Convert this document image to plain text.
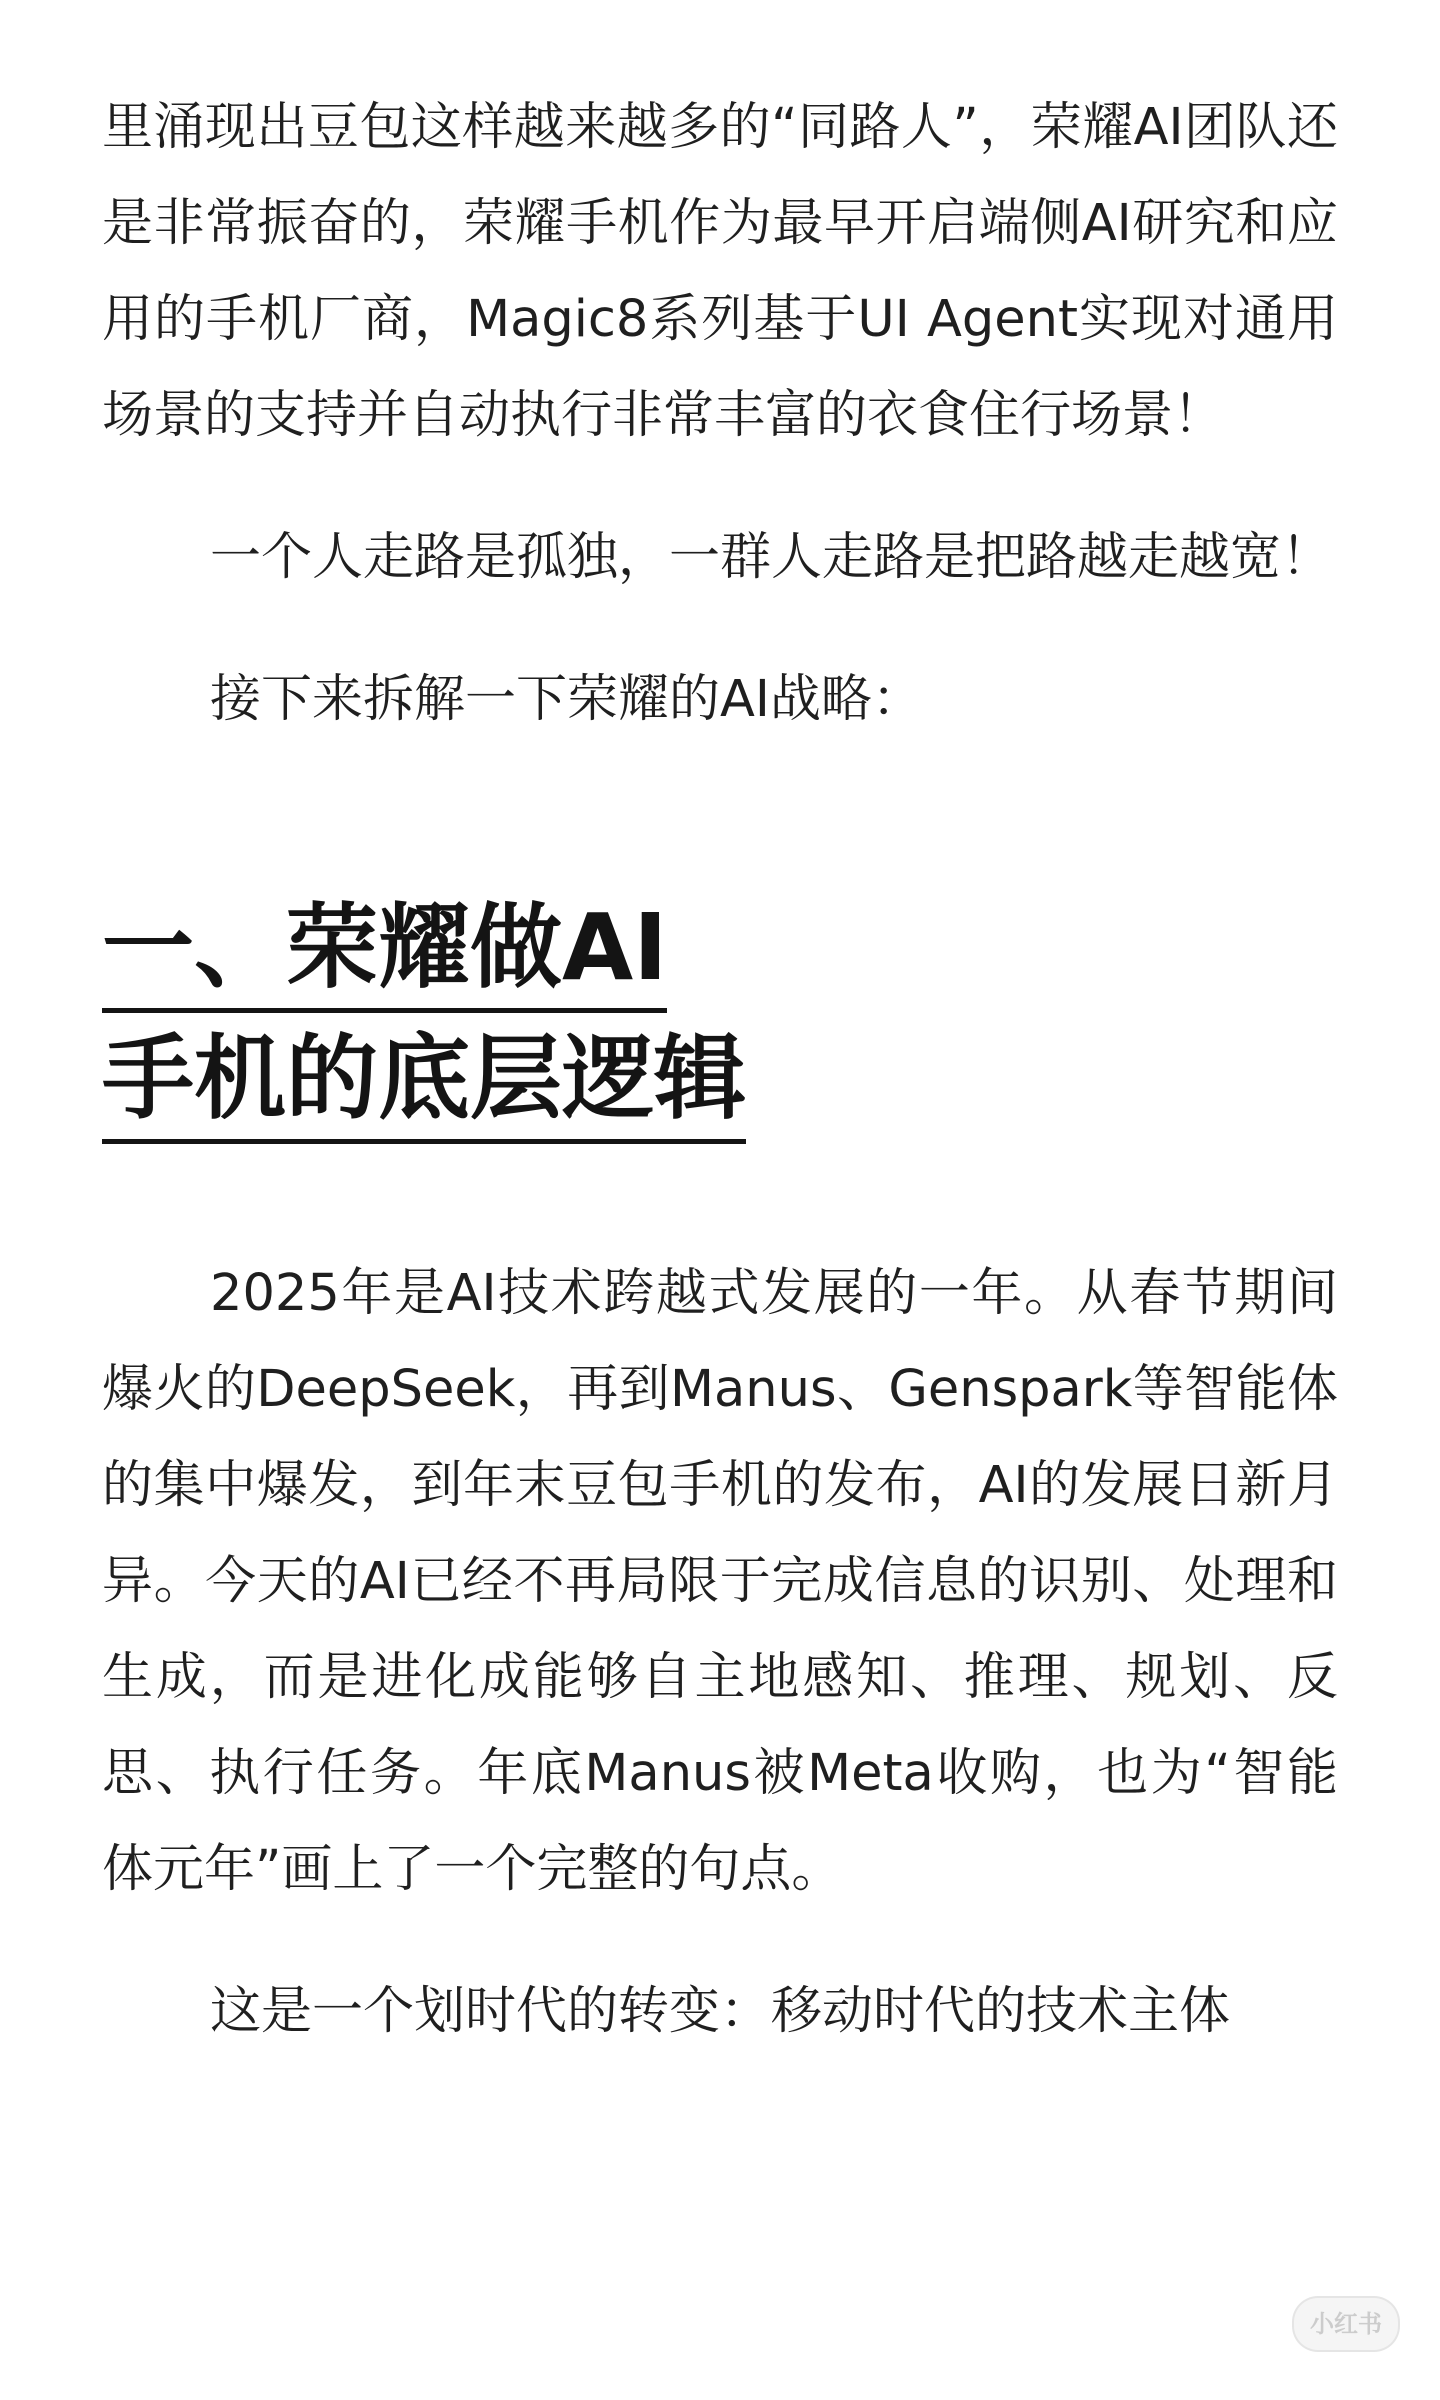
里涌现出豆包这样越来越多的“同路人”，荣耀AI团队还是非常振奋的，荣耀手机作为最早开启端侧AI研究和应用的手机厂商，Magic8系列基于UI Agent实现对通用场景的支持并自动执行非常丰富的衣食住行场景！

一个人走路是孤独，一群人走路是把路越走越宽！

接下来拆解一下荣耀的AI战略：

一、荣耀做AI
手机的底层逻辑

2025年是AI技术跨越式发展的一年。从春节期间爆火的DeepSeek，再到Manus、Genspark等智能体的集中爆发，到年末豆包手机的发布，AI的发展日新月异。今天的AI已经不再局限于完成信息的识别、处理和生成，而是进化成能够自主地感知、推理、规划、反思、执行任务。年底Manus被Meta收购，也为“智能体元年”画上了一个完整的句点。

这是一个划时代的转变：移动时代的技术主体

小红书
